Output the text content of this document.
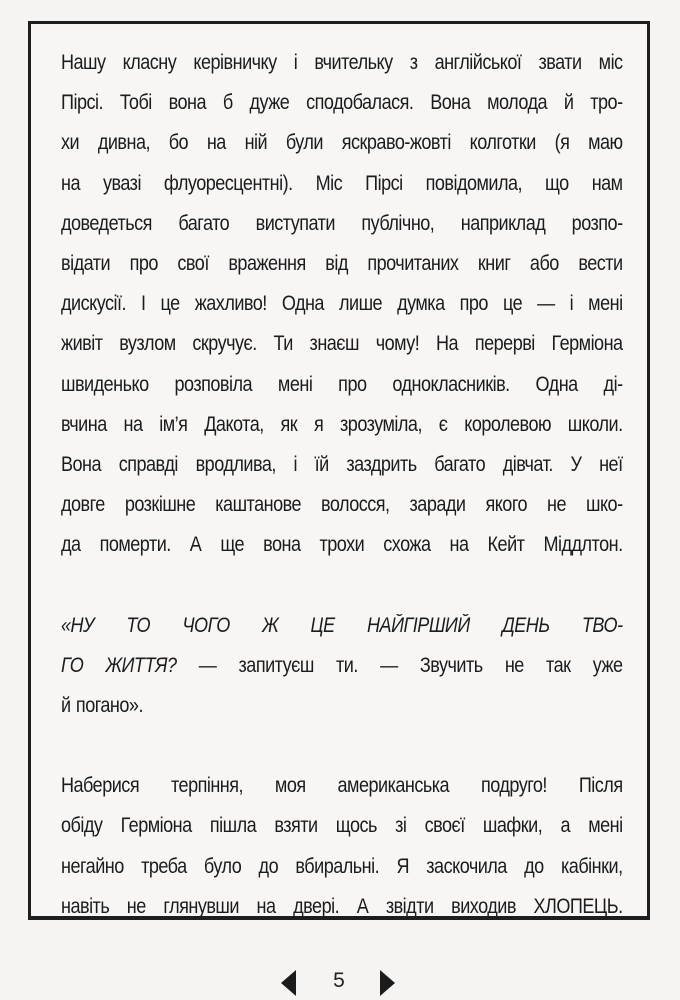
Нашу класну керівничку і вчительку з англійської звати міс
Пірсі. Тобі вона б дуже сподобалася. Вона молода й тро-
хи дивна, бо на ній були яскраво-жовті колготки (я маю
на увазі флуоресцентні). Міс Пірсі повідомила, що нам
доведеться багато виступати публічно, наприклад розпо-
відати про свої враження від прочитаних книг або вести
дискусії. І це жахливо! Одна лише думка про це — і мені
живіт вузлом скручує. Ти знаєш чому! На перерві Герміона
швиденько розповіла мені про однокласників. Одна ді-
вчина на ім’я Дакота, як я зрозуміла, є королевою школи.
Вона справді вродлива, і їй заздрить багато дівчат. У неї
довге розкішне каштанове волосся, заради якого не шко-
да померти. А ще вона трохи схожа на Кейт Міддлтон.

«НУ ТО ЧОГО Ж ЦЕ НАЙГІРШИЙ ДЕНЬ ТВО-
ГО ЖИТТЯ? — запитуєш ти. — Звучить не так уже
й погано».

Наберися терпіння, моя американська подруго! Після
обіду Герміона пішла взяти щось зі своєї шафки, а мені
негайно треба було до вбиральні. Я заскочила до кабінки,
навіть не глянувши на двері. А звідти виходив ХЛОПЕЦЬ.

5
